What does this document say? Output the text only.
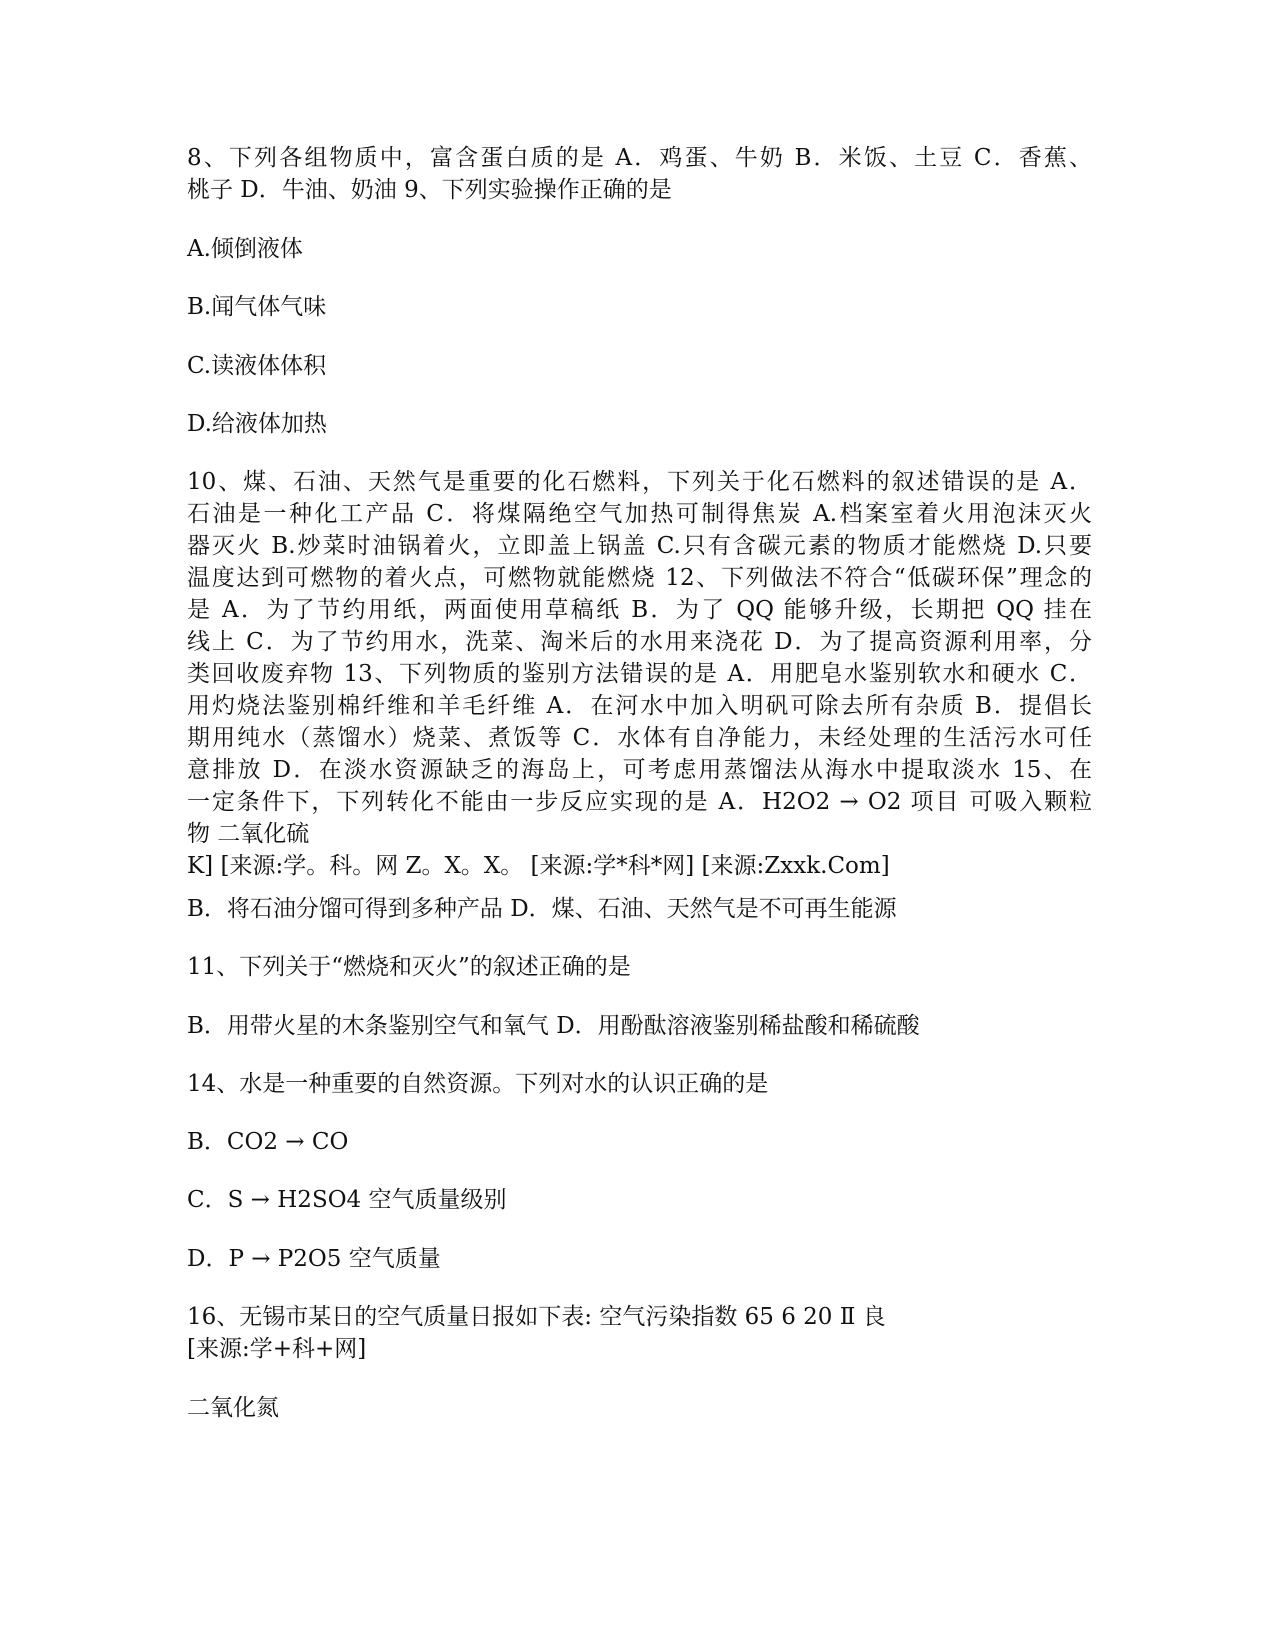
8、下列各组物质中，富含蛋白质的是 A．鸡蛋、牛奶 B．米饭、土豆 C．香蕉、
桃子 D．牛油、奶油 9、下列实验操作正确的是
A.倾倒液体
B.闻气体气味
C.读液体体积
D.给液体加热
10、煤、石油、天然气是重要的化石燃料，下列关于化石燃料的叙述错误的是 A．
石油是一种化工产品 C．将煤隔绝空气加热可制得焦炭 A.档案室着火用泡沫灭火
器灭火 B.炒菜时油锅着火，立即盖上锅盖 C.只有含碳元素的物质才能燃烧 D.只要
温度达到可燃物的着火点，可燃物就能燃烧 12、下列做法不符合“低碳环保”理念的
是 A．为了节约用纸，两面使用草稿纸 B．为了 QQ 能够升级，长期把 QQ 挂在
线上 C．为了节约用水，洗菜、淘米后的水用来浇花 D．为了提高资源利用率，分
类回收废弃物 13、下列物质的鉴别方法错误的是 A．用肥皂水鉴别软水和硬水 C．
用灼烧法鉴别棉纤维和羊毛纤维 A．在河水中加入明矾可除去所有杂质 B．提倡长
期用纯水（蒸馏水）烧菜、煮饭等 C．水体有自净能力，未经处理的生活污水可任
意排放 D．在淡水资源缺乏的海岛上，可考虑用蒸馏法从海水中提取淡水 15、在
一定条件下，下列转化不能由一步反应实现的是 A．H2O2 → O2 项目 可吸入颗粒
物 二氧化硫
K] [来源:学。科。网 Z。X。X。 [来源:学*科*网] [来源:Zxxk.Com]
B．将石油分馏可得到多种产品 D．煤、石油、天然气是不可再生能源
11、下列关于“燃烧和灭火”的叙述正确的是
B．用带火星的木条鉴别空气和氧气 D．用酚酞溶液鉴别稀盐酸和稀硫酸
14、水是一种重要的自然资源。下列对水的认识正确的是
B．CO2 → CO
C．S → H2SO4 空气质量级别
D．P → P2O5 空气质量
16、无锡市某日的空气质量日报如下表: 空气污染指数 65 6 20 Ⅱ 良
[来源:学+科+网]
二氧化氮
